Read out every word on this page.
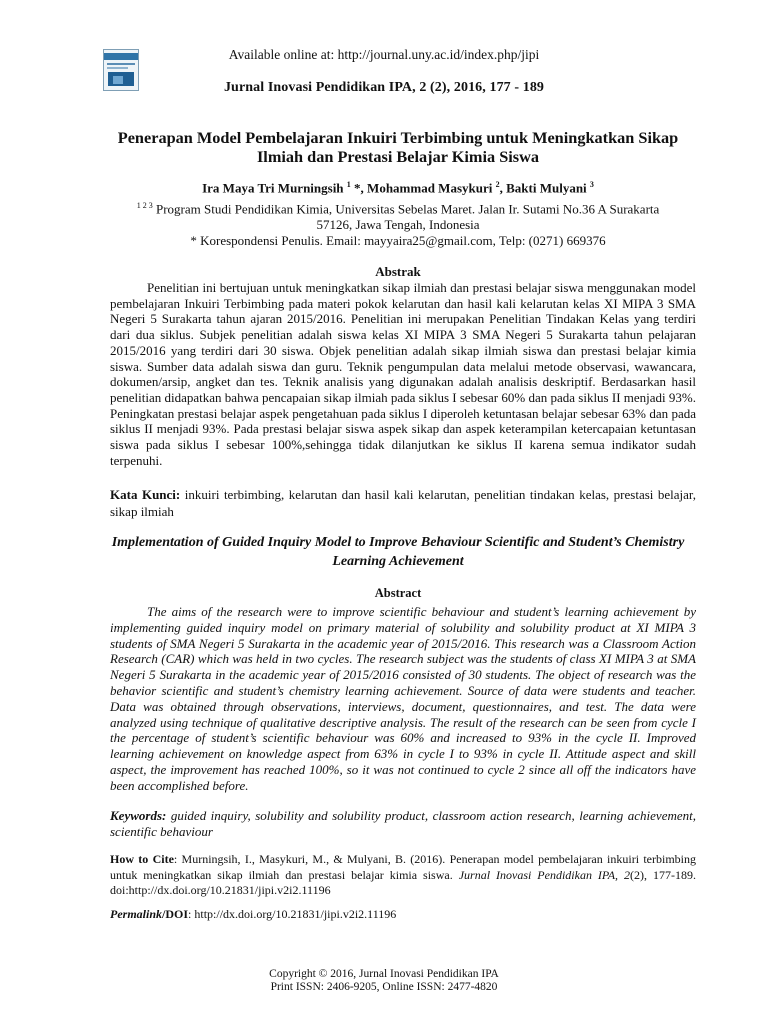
Available online at: http://journal.uny.ac.id/index.php/jipi
Jurnal Inovasi Pendidikan IPA, 2 (2), 2016, 177 - 189
Penerapan Model Pembelajaran Inkuiri Terbimbing untuk Meningkatkan Sikap Ilmiah dan Prestasi Belajar Kimia Siswa
Ira Maya Tri Murningsih $^1$ *, Mohammad Masykuri $^2$, Bakti Mulyani $^3$
$^{1 2 3}$ Program Studi Pendidikan Kimia, Universitas Sebelas Maret. Jalan Ir. Sutami No.36 A Surakarta
57126, Jawa Tengah, Indonesia
* Korespondensi Penulis. Email: mayyaira25@gmail.com, Telp: (0271) 669376
Abstrak

Penelitian ini bertujuan untuk meningkatkan sikap ilmiah dan prestasi belajar siswa menggunakan model pembelajaran Inkuiri Terbimbing pada materi pokok kelarutan dan hasil kali kelarutan kelas XI MIPA 3 SMA Negeri 5 Surakarta tahun ajaran 2015/2016. Penelitian ini merupakan Penelitian Tindakan Kelas yang terdiri dari dua siklus. Subjek penelitian adalah siswa kelas XI MIPA 3 SMA Negeri 5 Surakarta tahun pelajaran 2015/2016 yang terdiri dari 30 siswa. Objek penelitian adalah sikap ilmiah siswa dan prestasi belajar kimia siswa. Sumber data adalah siswa dan guru. Teknik pengumpulan data melalui metode observasi, wawancara, dokumen/arsip, angket dan tes. Teknik analisis yang digunakan adalah analisis deskriptif. Berdasarkan hasil penelitian didapatkan bahwa pencapaian sikap ilmiah pada siklus I sebesar 60% dan pada siklus II menjadi 93%. Peningkatan prestasi belajar aspek pengetahuan pada siklus I diperoleh ketuntasan belajar sebesar 63% dan pada siklus II menjadi 93%. Pada prestasi belajar siswa aspek sikap dan aspek keterampilan ketercapaian ketuntasan siswa pada siklus I sebesar 100%,sehingga tidak dilanjutkan ke siklus II karena semua indikator sudah terpenuhi.

Kata Kunci: inkuiri terbimbing, kelarutan dan hasil kali kelarutan, penelitian tindakan kelas, prestasi belajar, sikap ilmiah

Implementation of Guided Inquiry Model to Improve Behaviour Scientific and Student’s Chemistry Learning Achievement
Abstract

The aims of the research were to improve scientific behaviour and student’s learning achievement by implementing guided inquiry model on primary material of solubility and solubility product at XI MIPA 3 students of SMA Negeri 5 Surakarta in the academic year of 2015/2016. This research was a Classroom Action Research (CAR) which was held in two cycles. The research subject was the students of class XI MIPA 3 at SMA Negeri 5 Surakarta in the academic year of 2015/2016 consisted of 30 students. The object of research was the behavior scientific and student’s chemistry learning achievement. Source of data were students and teacher. Data was obtained through observations, interviews, document, questionnaires, and test. The data were analyzed using technique of qualitative descriptive analysis. The result of the research can be seen from cycle I the percentage of student’s scientific behaviour was 60% and increased to 93% in the cycle II. Improved learning achievement on knowledge aspect from 63% in cycle I to 93% in cycle II. Attitude aspect and skill aspect, the improvement has reached 100%, so it was not continued to cycle 2 since all off the indicators have been accomplished before.

Keywords: guided inquiry, solubility and solubility product, classroom action research, learning achievement, scientific behaviour

How to Cite: Murningsih, I., Masykuri, M., & Mulyani, B. (2016). Penerapan model pembelajaran inkuiri terbimbing untuk meningkatkan sikap ilmiah dan prestasi belajar kimia siswa. Jurnal Inovasi Pendidikan IPA, 2(2), 177-189. doi:http://dx.doi.org/10.21831/jipi.v2i2.11196

Permalink/DOI: http://dx.doi.org/10.21831/jipi.v2i2.11196

Copyright © 2016, Jurnal Inovasi Pendidikan IPA
Print ISSN: 2406-9205, Online ISSN: 2477-4820
